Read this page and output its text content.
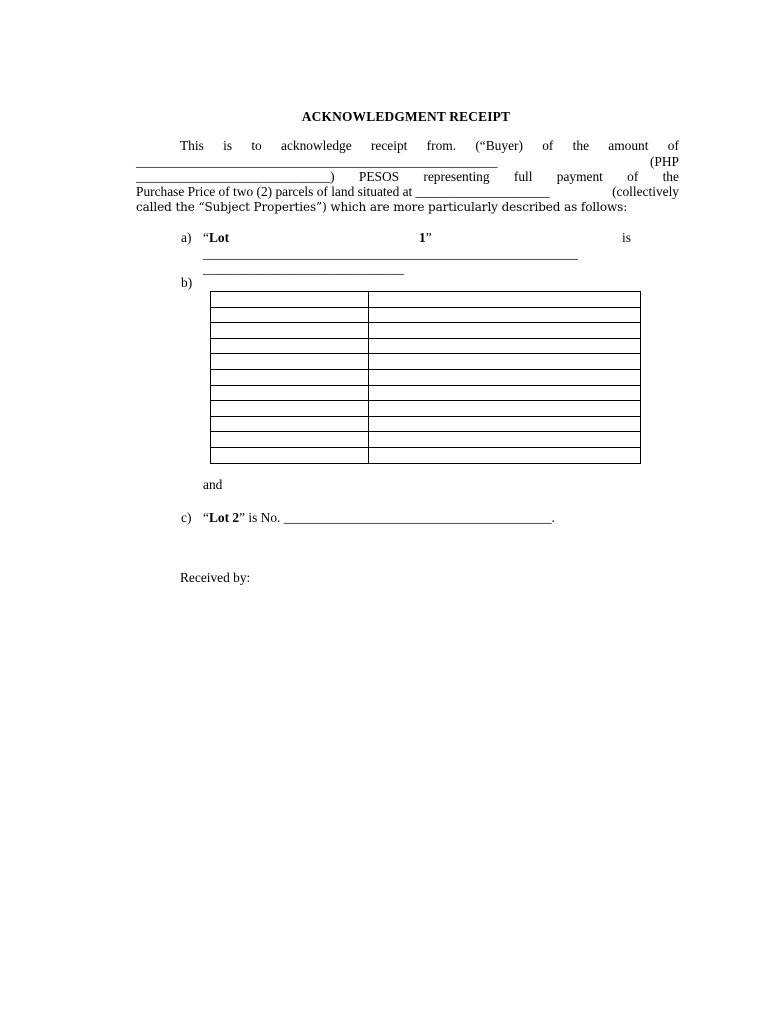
ACKNOWLEDGMENT RECEIPT
This is to acknowledge receipt from. (“Buyer) of the amount of
______________________________________________________	(PHP
_____________________________) PESOS representing full payment of the
Purchase Price of two (2) parcels of land situated at ____________________	(collectively
called the “Subject Properties”) which are more particularly described as follows:
a) “Lot	1”	is
________________________________________________________
______________________________
b)

and
c) “Lot 2” is No. ________________________________________.
Received by:
